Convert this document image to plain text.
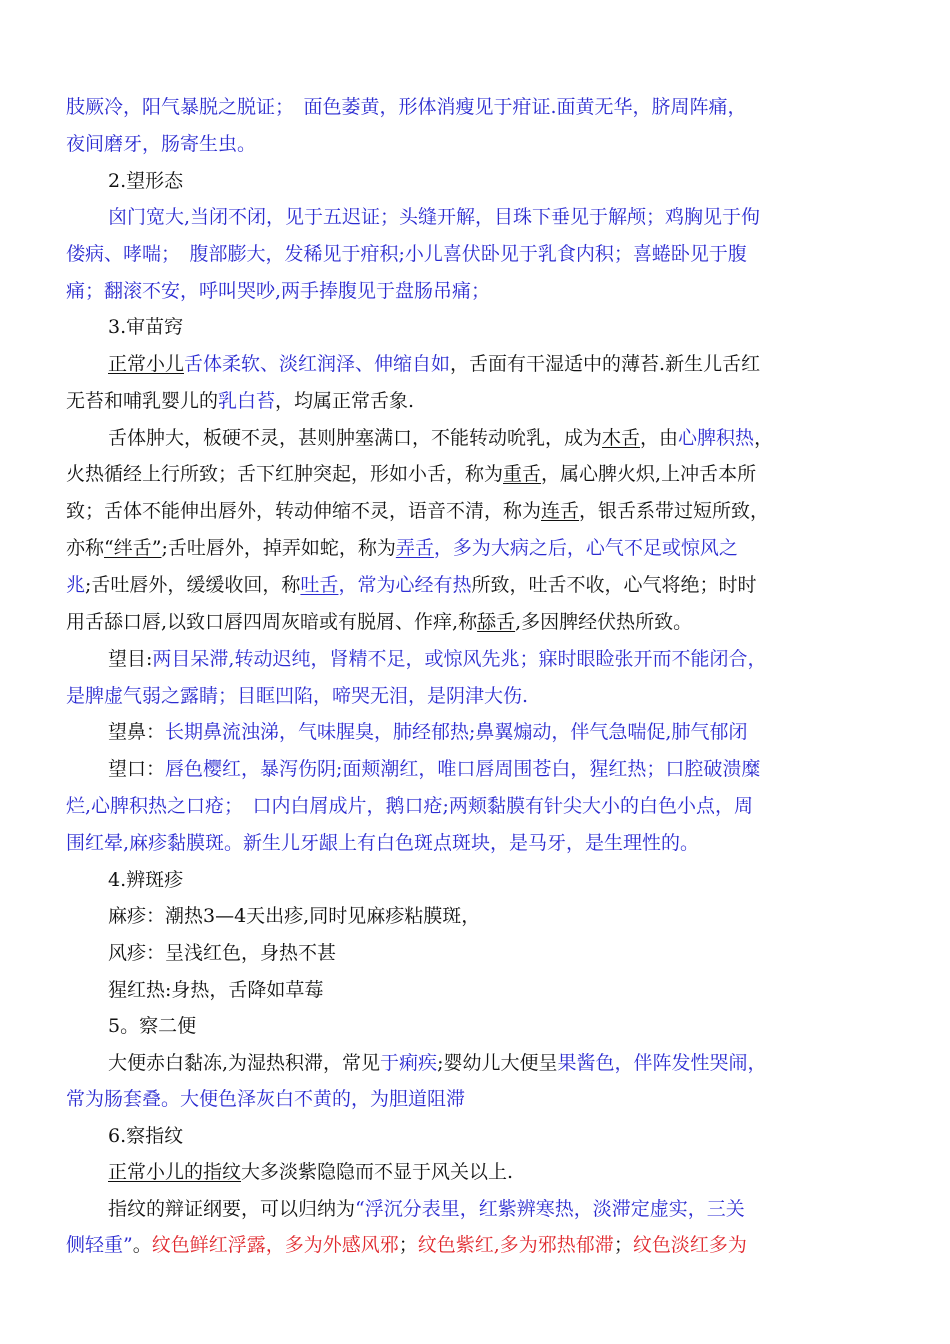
肢厥冷，阳气暴脱之脱证；　面色萎黄，形体消瘦见于疳证.面黄无华，脐周阵痛，
夜间磨牙，肠寄生虫。
2.望形态
囟门宽大,当闭不闭，见于五迟证；头缝开解，目珠下垂见于解颅；鸡胸见于佝
偻病、哮喘；　腹部膨大，发稀见于疳积;小儿喜伏卧见于乳食内积；喜蜷卧见于腹
痛；翻滚不安，呼叫哭吵,两手捧腹见于盘肠吊痛；
3.审苗窍
正常小儿舌体柔软、淡红润泽、伸缩自如，舌面有干湿适中的薄苔.新生儿舌红
无苔和哺乳婴儿的乳白苔，均属正常舌象.
舌体肿大，板硬不灵，甚则肿塞满口，不能转动吮乳，成为木舌，由心脾积热，
火热循经上行所致；舌下红肿突起，形如小舌，称为重舌，属心脾火炽,上冲舌本所
致；舌体不能伸出唇外，转动伸缩不灵，语音不清，称为连舌，银舌系带过短所致，
亦称“绊舌”;舌吐唇外，掉弄如蛇，称为弄舌，多为大病之后，心气不足或惊风之
兆;舌吐唇外，缓缓收回，称吐舌，常为心经有热所致，吐舌不收，心气将绝；时时
用舌舔口唇,以致口唇四周灰暗或有脱屑、作痒,称舔舌,多因脾经伏热所致。
望目:两目呆滞,转动迟纯，肾精不足，或惊风先兆；寐时眼睑张开而不能闭合，
是脾虚气弱之露睛；目眶凹陷，啼哭无泪，是阴津大伤.
望鼻：长期鼻流浊涕，气味腥臭，肺经郁热;鼻翼煽动，伴气急喘促,肺气郁闭
望口：唇色樱红，暴泻伤阴;面颊潮红，唯口唇周围苍白，猩红热；口腔破溃糜
烂,心脾积热之口疮；　口内白屑成片，鹅口疮;两颊黏膜有针尖大小的白色小点，周
围红晕,麻疹黏膜斑。新生儿牙龈上有白色斑点斑块，是马牙，是生理性的。
4.辨斑疹
麻疹：潮热3—4天出疹,同时见麻疹粘膜斑，
风疹：呈浅红色，身热不甚
猩红热:身热，舌降如草莓
5。察二便
大便赤白黏冻,为湿热积滞，常见于痢疾;婴幼儿大便呈果酱色，伴阵发性哭闹，
常为肠套叠。大便色泽灰白不黄的，为胆道阻滞
6.察指纹
正常小儿的指纹大多淡紫隐隐而不显于风关以上.
指纹的辩证纲要，可以归纳为“浮沉分表里，红紫辨寒热，淡滞定虚实，三关
侧轻重”。纹色鲜红浮露，多为外感风邪；纹色紫红,多为邪热郁滞；纹色淡红多为
